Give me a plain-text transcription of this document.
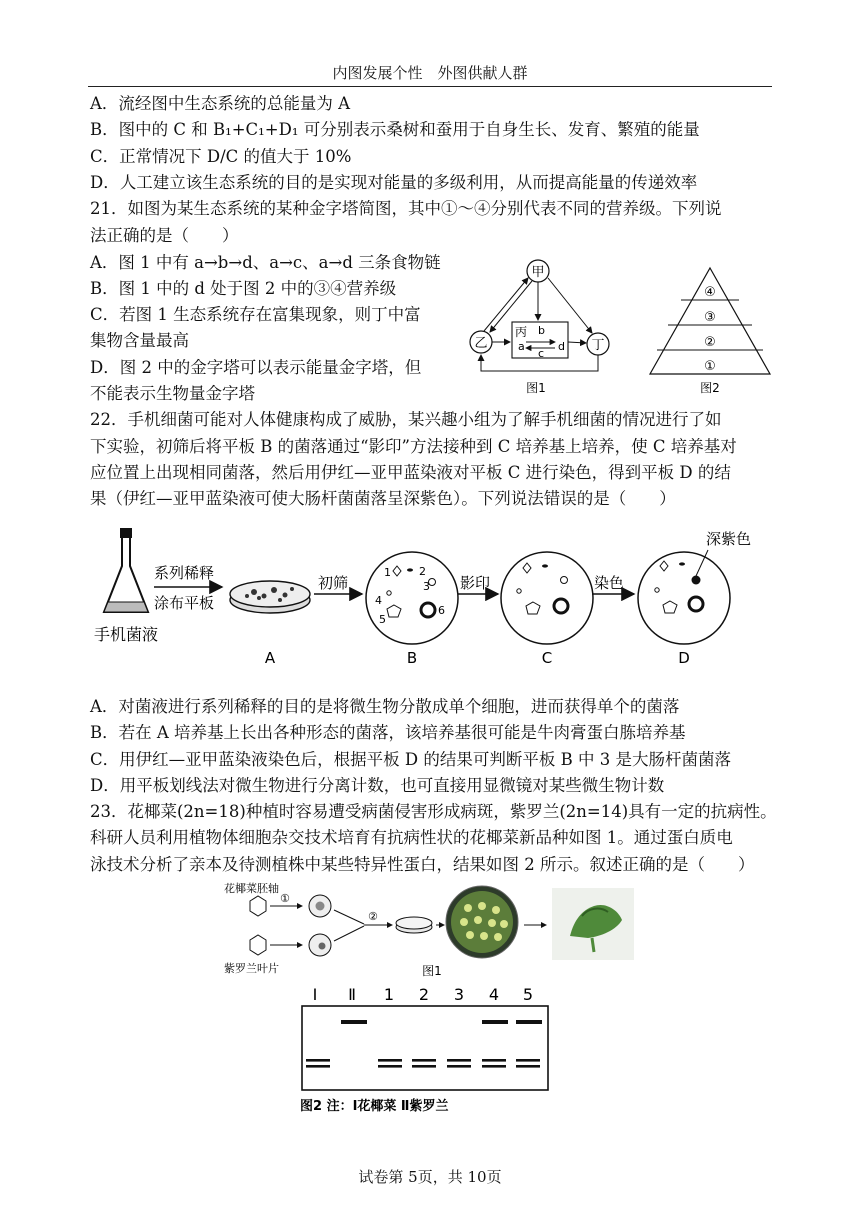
内图发展个性　外图供献人群
A．流经图中生态系统的总能量为 A
B．图中的 C 和 B₁+C₁+D₁ 可分别表示桑树和蚕用于自身生长、发育、繁殖的能量
C．正常情况下 D/C 的值大于 10%
D．人工建立该生态系统的目的是实现对能量的多级利用，从而提高能量的传递效率
21．如图为某生态系统的某种金字塔简图，其中①～④分别代表不同的营养级。下列说
法正确的是（　　）
A．图 1 中有 a→b→d、a→c、a→d 三条食物链
B．图 1 中的 d 处于图 2 中的③④营养级
C．若图 1 生态系统存在富集现象，则丁中富
集物含量最高
D．图 2 中的金字塔可以表示能量金字塔，但
不能表示生物量金字塔
甲
乙	丁
丙
a
b
c
d
图1
④
③
②
①
图2
22．手机细菌可能对人体健康构成了威胁，某兴趣小组为了解手机细菌的情况进行了如
下实验，初筛后将平板 B 的菌落通过“影印”方法接种到 C 培养基上培养，使 C 培养基对
应位置上出现相同菌落，然后用伊红—亚甲蓝染液对平板 C 进行染色，得到平板 D 的结
果（伊红—亚甲蓝染液可使大肠杆菌菌落呈深紫色）。下列说法错误的是（　　）
手机菌液
系列稀释
涂布平板
A
初筛
1	2
3
4
5
6
B
影印
C
染色
深紫色
D
A．对菌液进行系列稀释的目的是将微生物分散成单个细胞，进而获得单个的菌落
B．若在 A 培养基上长出各种形态的菌落，该培养基很可能是牛肉膏蛋白胨培养基
C．用伊红—亚甲蓝染液染色后，根据平板 D 的结果可判断平板 B 中 3 是大肠杆菌菌落
D．用平板划线法对微生物进行分离计数，也可直接用显微镜对某些微生物计数
23．花椰菜(2n=18)种植时容易遭受病菌侵害形成病斑，紫罗兰(2n=14)具有一定的抗病性。
科研人员利用植物体细胞杂交技术培育有抗病性状的花椰菜新品种如图 1。通过蛋白质电
泳技术分析了亲本及待测植株中某些特异性蛋白，结果如图 2 所示。叙述正确的是（　　）
花椰菜胚轴
①
紫罗兰叶片
②
图1
Ⅰ Ⅱ 1 2 3 4 5
图2 注：Ⅰ花椰菜 Ⅱ紫罗兰
试卷第 5页，共 10页
